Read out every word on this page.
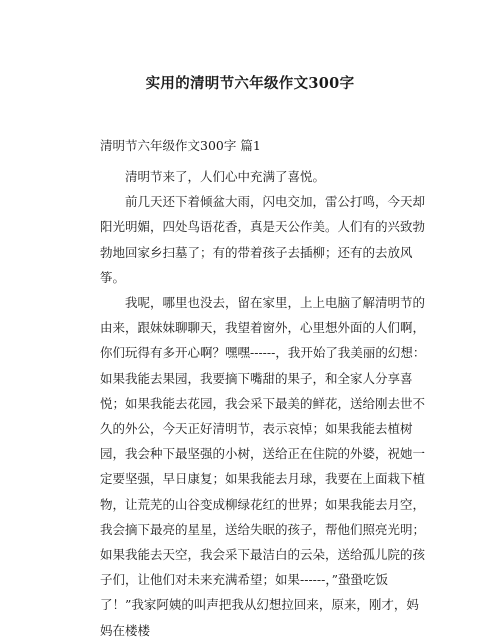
实用的清明节六年级作文300字
清明节六年级作文300字 篇1

清明节来了，人们心中充满了喜悦。

前几天还下着倾盆大雨，闪电交加，雷公打鸣，今天却阳光明媚，四处鸟语花香，真是天公作美。人们有的兴致勃勃地回家乡扫墓了；有的带着孩子去插柳；还有的去放风筝。

我呢，哪里也没去，留在家里，上上电脑了解清明节的由来，跟妹妹聊聊天，我望着窗外，心里想外面的人们啊，你们玩得有多开心啊？嘿嘿------，我开始了我美丽的幻想：如果我能去果园，我要摘下嘴甜的果子，和全家人分享喜悦；如果我能去花园，我会采下最美的鲜花，送给刚去世不久的外公，今天正好清明节，表示哀悼；如果我能去植树园，我会种下最坚强的小树，送给正在住院的外婆，祝她一定要坚强，早日康复；如果我能去月球，我要在上面栽下植物，让荒芜的山谷变成柳绿花红的世界；如果我能去月空，我会摘下最亮的星星，送给失眠的孩子，帮他们照亮光明；如果我能去天空，我会采下最洁白的云朵，送给孤儿院的孩子们，让他们对未来充满希望；如果------，”蛩蛩吃饭了！”我家阿姨的叫声把我从幻想拉回来，原来，刚才，妈妈在楼楼
